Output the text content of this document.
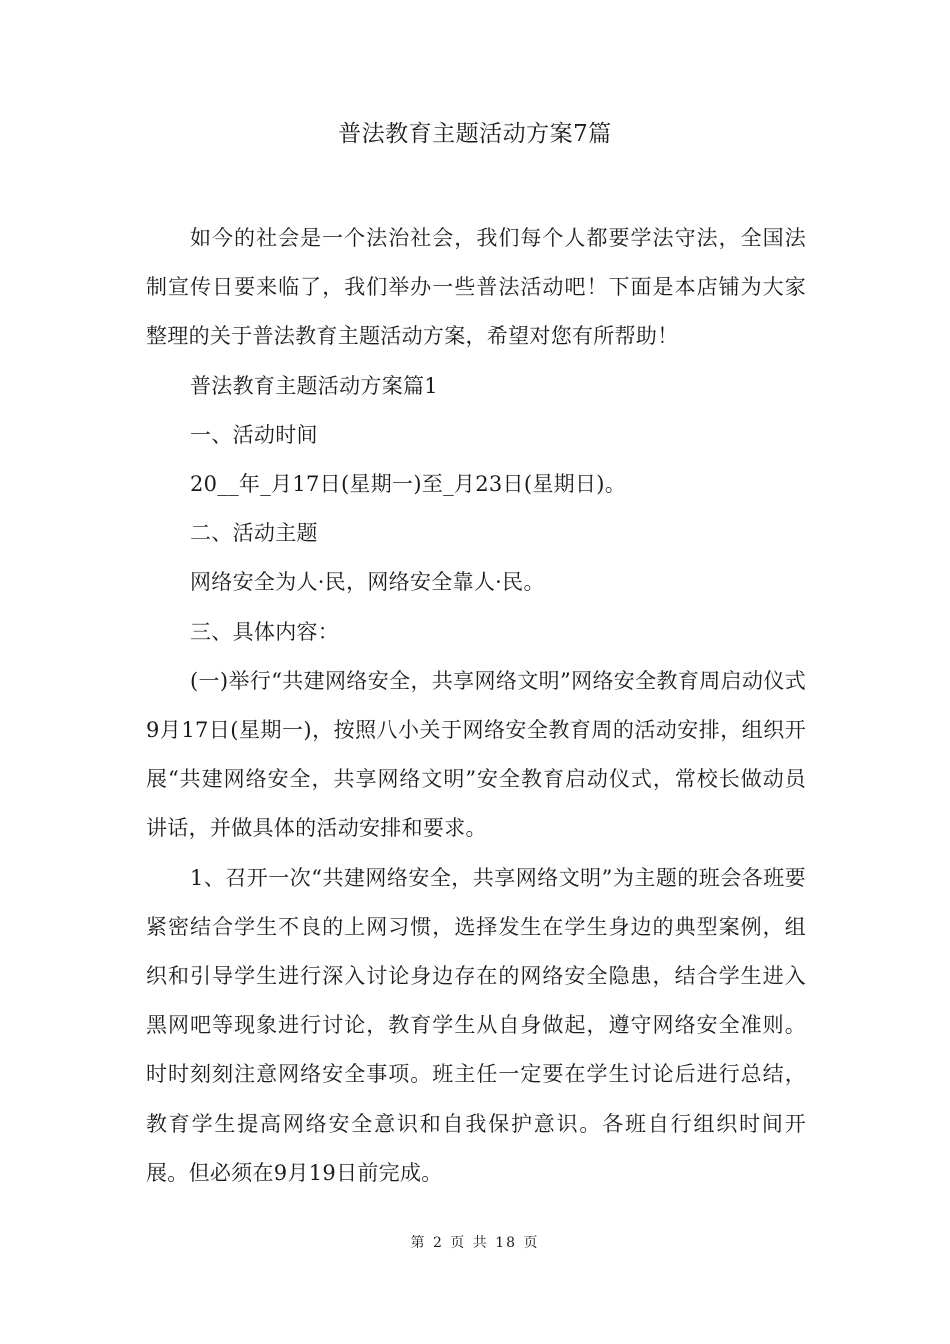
普法教育主题活动方案7篇

如今的社会是一个法治社会，我们每个人都要学法守法，全国法制宣传日要来临了，我们举办一些普法活动吧！下面是本店铺为大家整理的关于普法教育主题活动方案，希望对您有所帮助！

普法教育主题活动方案篇1

一、活动时间

20__年_月17日(星期一)至_月23日(星期日)。

二、活动主题

网络安全为人·民，网络安全靠人·民。

三、具体内容：

(一)举行“共建网络安全，共享网络文明”网络安全教育周启动仪式9月17日(星期一)，按照八小关于网络安全教育周的活动安排，组织开展“共建网络安全，共享网络文明”安全教育启动仪式，常校长做动员讲话，并做具体的活动安排和要求。

1、召开一次“共建网络安全，共享网络文明”为主题的班会各班要紧密结合学生不良的上网习惯，选择发生在学生身边的典型案例，组织和引导学生进行深入讨论身边存在的网络安全隐患，结合学生进入黑网吧等现象进行讨论，教育学生从自身做起，遵守网络安全准则。时时刻刻注意网络安全事项。班主任一定要在学生讨论后进行总结，教育学生提高网络安全意识和自我保护意识。各班自行组织时间开展。但必须在9月19日前完成。

第 2 页 共 18 页
